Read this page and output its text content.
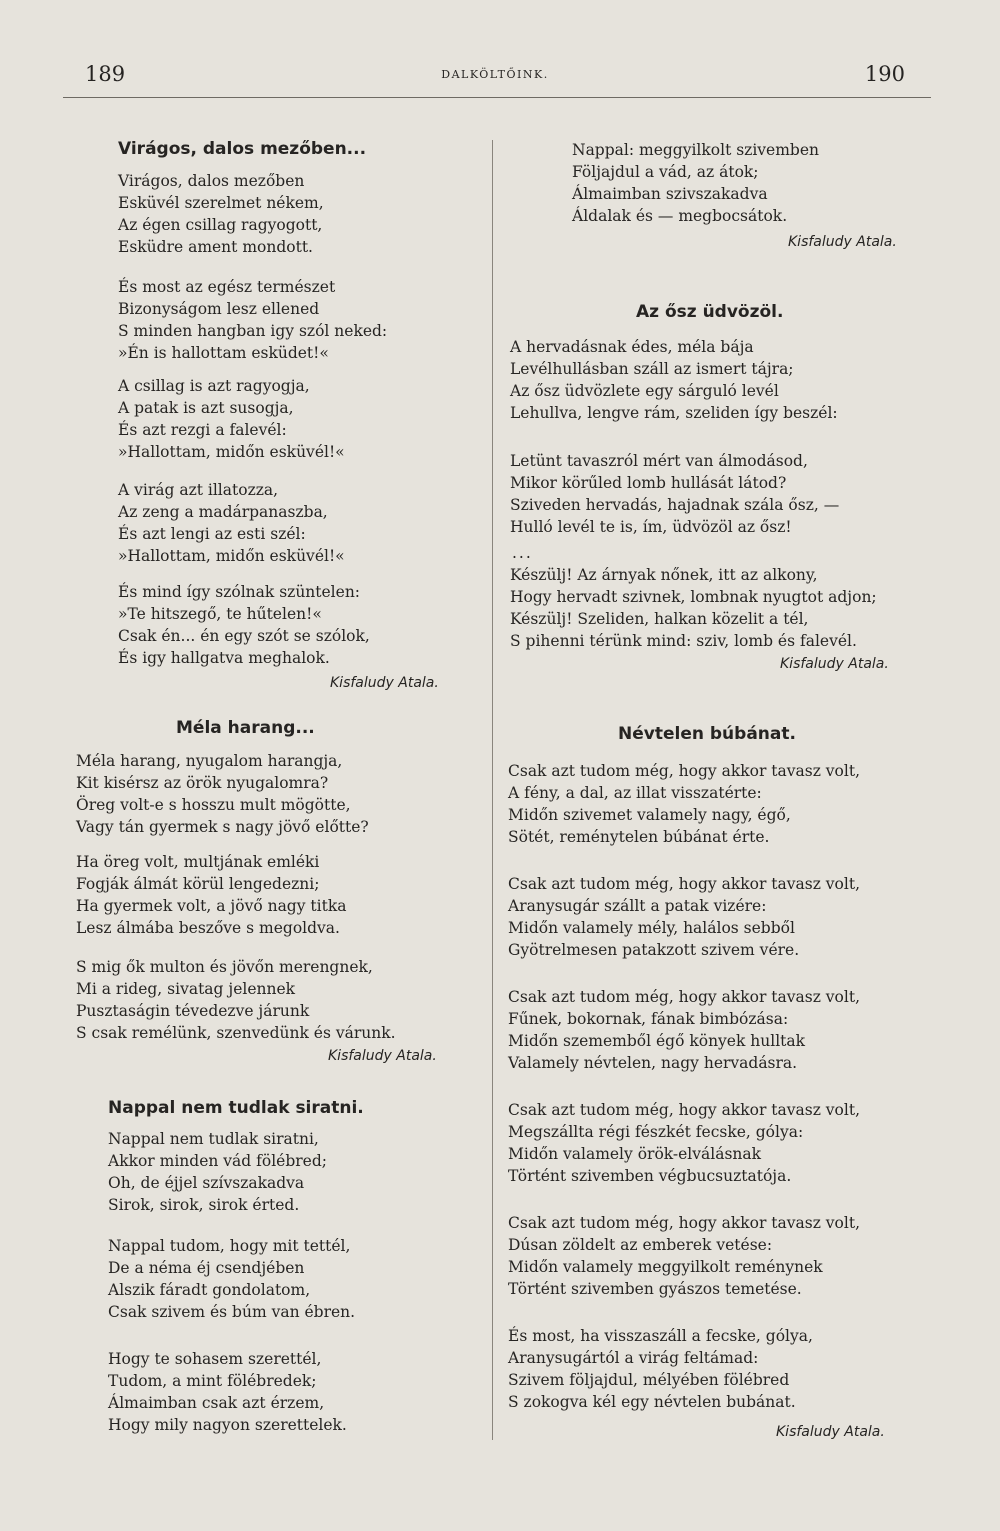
189	DALKÖLTŐINK.	190
Virágos, dalos mezőben...
Virágos, dalos mezőben
Esküvél szerelmet nékem,
Az égen csillag ragyogott,
Esküdre ament mondott.
És most az egész természet
Bizonyságom lesz ellened
S minden hangban igy szól neked:
»Én is hallottam esküdet!«
A csillag is azt ragyogja,
A patak is azt susogja,
És azt rezgi a falevél:
»Hallottam, midőn esküvél!«
A virág azt illatozza,
Az zeng a madárpanaszba,
És azt lengi az esti szél:
»Hallottam, midőn esküvél!«
És mind így szólnak szüntelen:
»Te hitszegő, te hűtelen!«
Csak én... én egy szót se szólok,
És igy hallgatva meghalok.
Kisfaludy Atala.
Méla harang...
Méla harang, nyugalom harangja,
Kit kisérsz az örök nyugalomra?
Öreg volt-e s hosszu mult mögötte,
Vagy tán gyermek s nagy jövő előtte?
Ha öreg volt, multjának emléki
Fogják álmát körül lengedezni;
Ha gyermek volt, a jövő nagy titka
Lesz álmába beszőve s megoldva.
S mig ők multon és jövőn merengnek,
Mi a rideg, sivatag jelennek
Pusztaságin tévedezve járunk
S csak remélünk, szenvedünk és várunk.
Kisfaludy Atala.
Nappal nem tudlak siratni.
Nappal nem tudlak siratni,
Akkor minden vád fölébred;
Oh, de éjjel szívszakadva
Sirok, sirok, sirok érted.
Nappal tudom, hogy mit tettél,
De a néma éj csendjében
Alszik fáradt gondolatom,
Csak szivem és búm van ébren.
Hogy te sohasem szerettél,
Tudom, a mint fölébredek;
Álmaimban csak azt érzem,
Hogy mily nagyon szerettelek.
Nappal: meggyilkolt szivemben
Följajdul a vád, az átok;
Álmaimban szivszakadva
Áldalak és — megbocsátok.
Kisfaludy Atala.
Az ősz üdvözöl.
A hervadásnak édes, méla bája
Levélhullásban száll az ismert tájra;
Az ősz üdvözlete egy sárguló levél
Lehullva, lengve rám, szeliden így beszél:
Letünt tavaszról mért van álmodásod,
Mikor körűled lomb hullását látod?
Sziveden hervadás, hajadnak szála ősz, —
Hulló levél te is, ím, üdvözöl az ősz!
...
Készülj! Az árnyak nőnek, itt az alkony,
Hogy hervadt szivnek, lombnak nyugtot adjon;
Készülj! Szeliden, halkan közelit a tél,
S pihenni térünk mind: sziv, lomb és falevél.
Kisfaludy Atala.
Névtelen búbánat.
Csak azt tudom még, hogy akkor tavasz volt,
A fény, a dal, az illat visszatérte:
Midőn szivemet valamely nagy, égő,
Sötét, reménytelen búbánat érte.
Csak azt tudom még, hogy akkor tavasz volt,
Aranysugár szállt a patak vizére:
Midőn valamely mély, halálos sebből
Gyötrelmesen patakzott szivem vére.
Csak azt tudom még, hogy akkor tavasz volt,
Fűnek, bokornak, fának bimbózása:
Midőn szememből égő könyek hulltak
Valamely névtelen, nagy hervadásra.
Csak azt tudom még, hogy akkor tavasz volt,
Megszállta régi fészkét fecske, gólya:
Midőn valamely örök-elválásnak
Történt szivemben végbucsuztatója.
Csak azt tudom még, hogy akkor tavasz volt,
Dúsan zöldelt az emberek vetése:
Midőn valamely meggyilkolt reménynek
Történt szivemben gyászos temetése.
És most, ha visszaszáll a fecske, gólya,
Aranysugártól a virág feltámad:
Szivem följajdul, mélyében fölébred
S zokogva kél egy névtelen bubánat.
Kisfaludy Atala.
